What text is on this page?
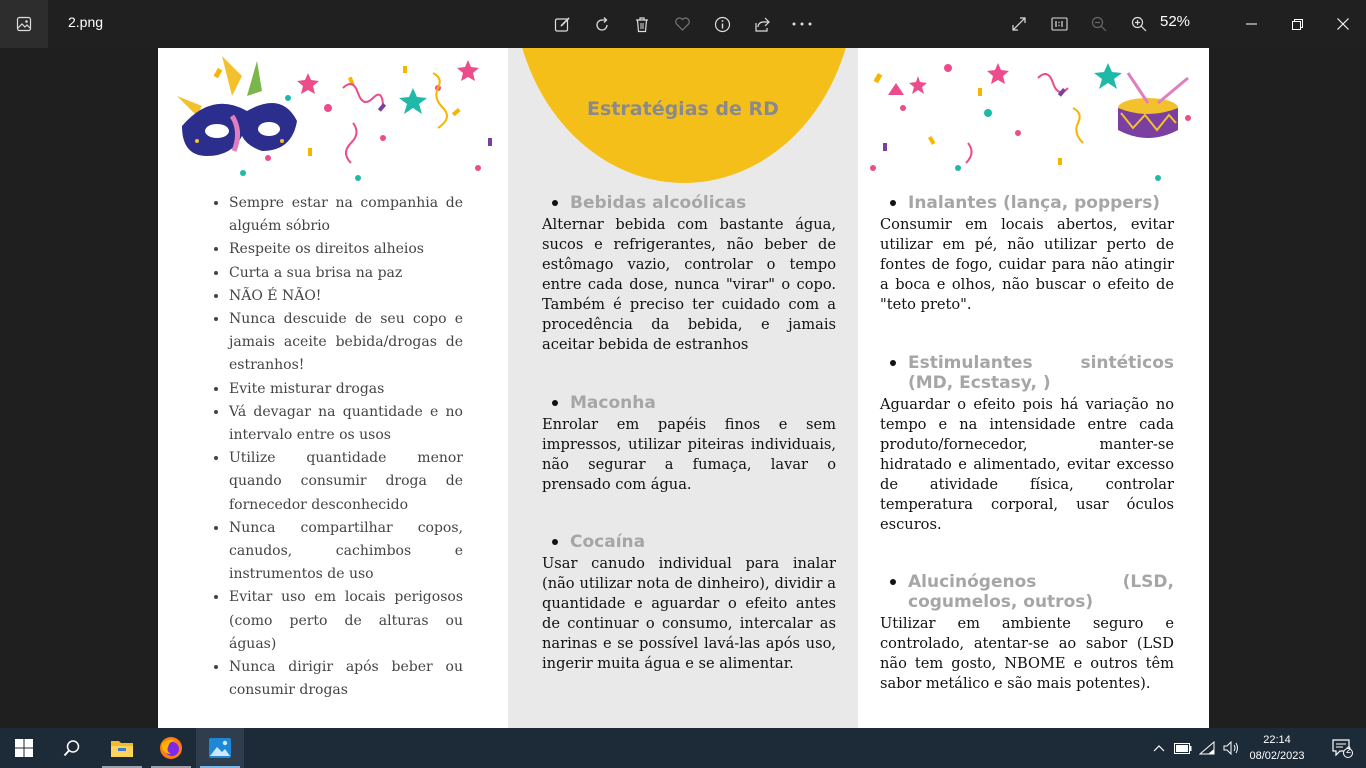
2.png	52%
• Sempre estar na companhia de alguém sóbrio
• Respeite os direitos alheios
• Curta a sua brisa na paz
• NÃO É NÃO!
• Nunca descuide de seu copo e jamais aceite bebida/drogas de estranhos!
• Evite misturar drogas
• Vá devagar na quantidade e no intervalo entre os usos
• Utilize quantidade menor quando consumir droga de fornecedor desconhecido
• Nunca compartilhar copos, canudos, cachimbos e instrumentos de uso
• Evitar uso em locais perigosos (como perto de alturas ou águas)
• Nunca dirigir após beber ou consumir drogas
Estratégias de RD
Bebidas alcoólicas
Alternar bebida com bastante água, sucos e refrigerantes, não beber de estômago vazio, controlar o tempo entre cada dose, nunca "virar" o copo. Também é preciso ter cuidado com a procedência da bebida, e jamais aceitar bebida de estranhos
Maconha
Enrolar em papéis finos e sem impressos, utilizar piteiras individuais, não segurar a fumaça, lavar o prensado com água.
Cocaína
Usar canudo individual para inalar (não utilizar nota de dinheiro), dividir a quantidade e aguardar o efeito antes de continuar o consumo, intercalar as narinas e se possível lavá-las após uso, ingerir muita água e se alimentar.
Inalantes (lança, poppers)
Consumir em locais abertos, evitar utilizar em pé, não utilizar perto de fontes de fogo, cuidar para não atingir a boca e olhos, não buscar o efeito de "teto preto".
Estimulantes sintéticos (MD, Ecstasy, )
Aguardar o efeito pois há variação no tempo e na intensidade entre cada produto/fornecedor, manter-se hidratado e alimentado, evitar excesso de atividade física, controlar temperatura corporal, usar óculos escuros.
Alucinógenos (LSD, cogumelos, outros)
Utilizar em ambiente seguro e controlado, atentar-se ao sabor (LSD não tem gosto, NBOME e outros têm sabor metálico e são mais potentes).
22:14
08/02/2023	2
